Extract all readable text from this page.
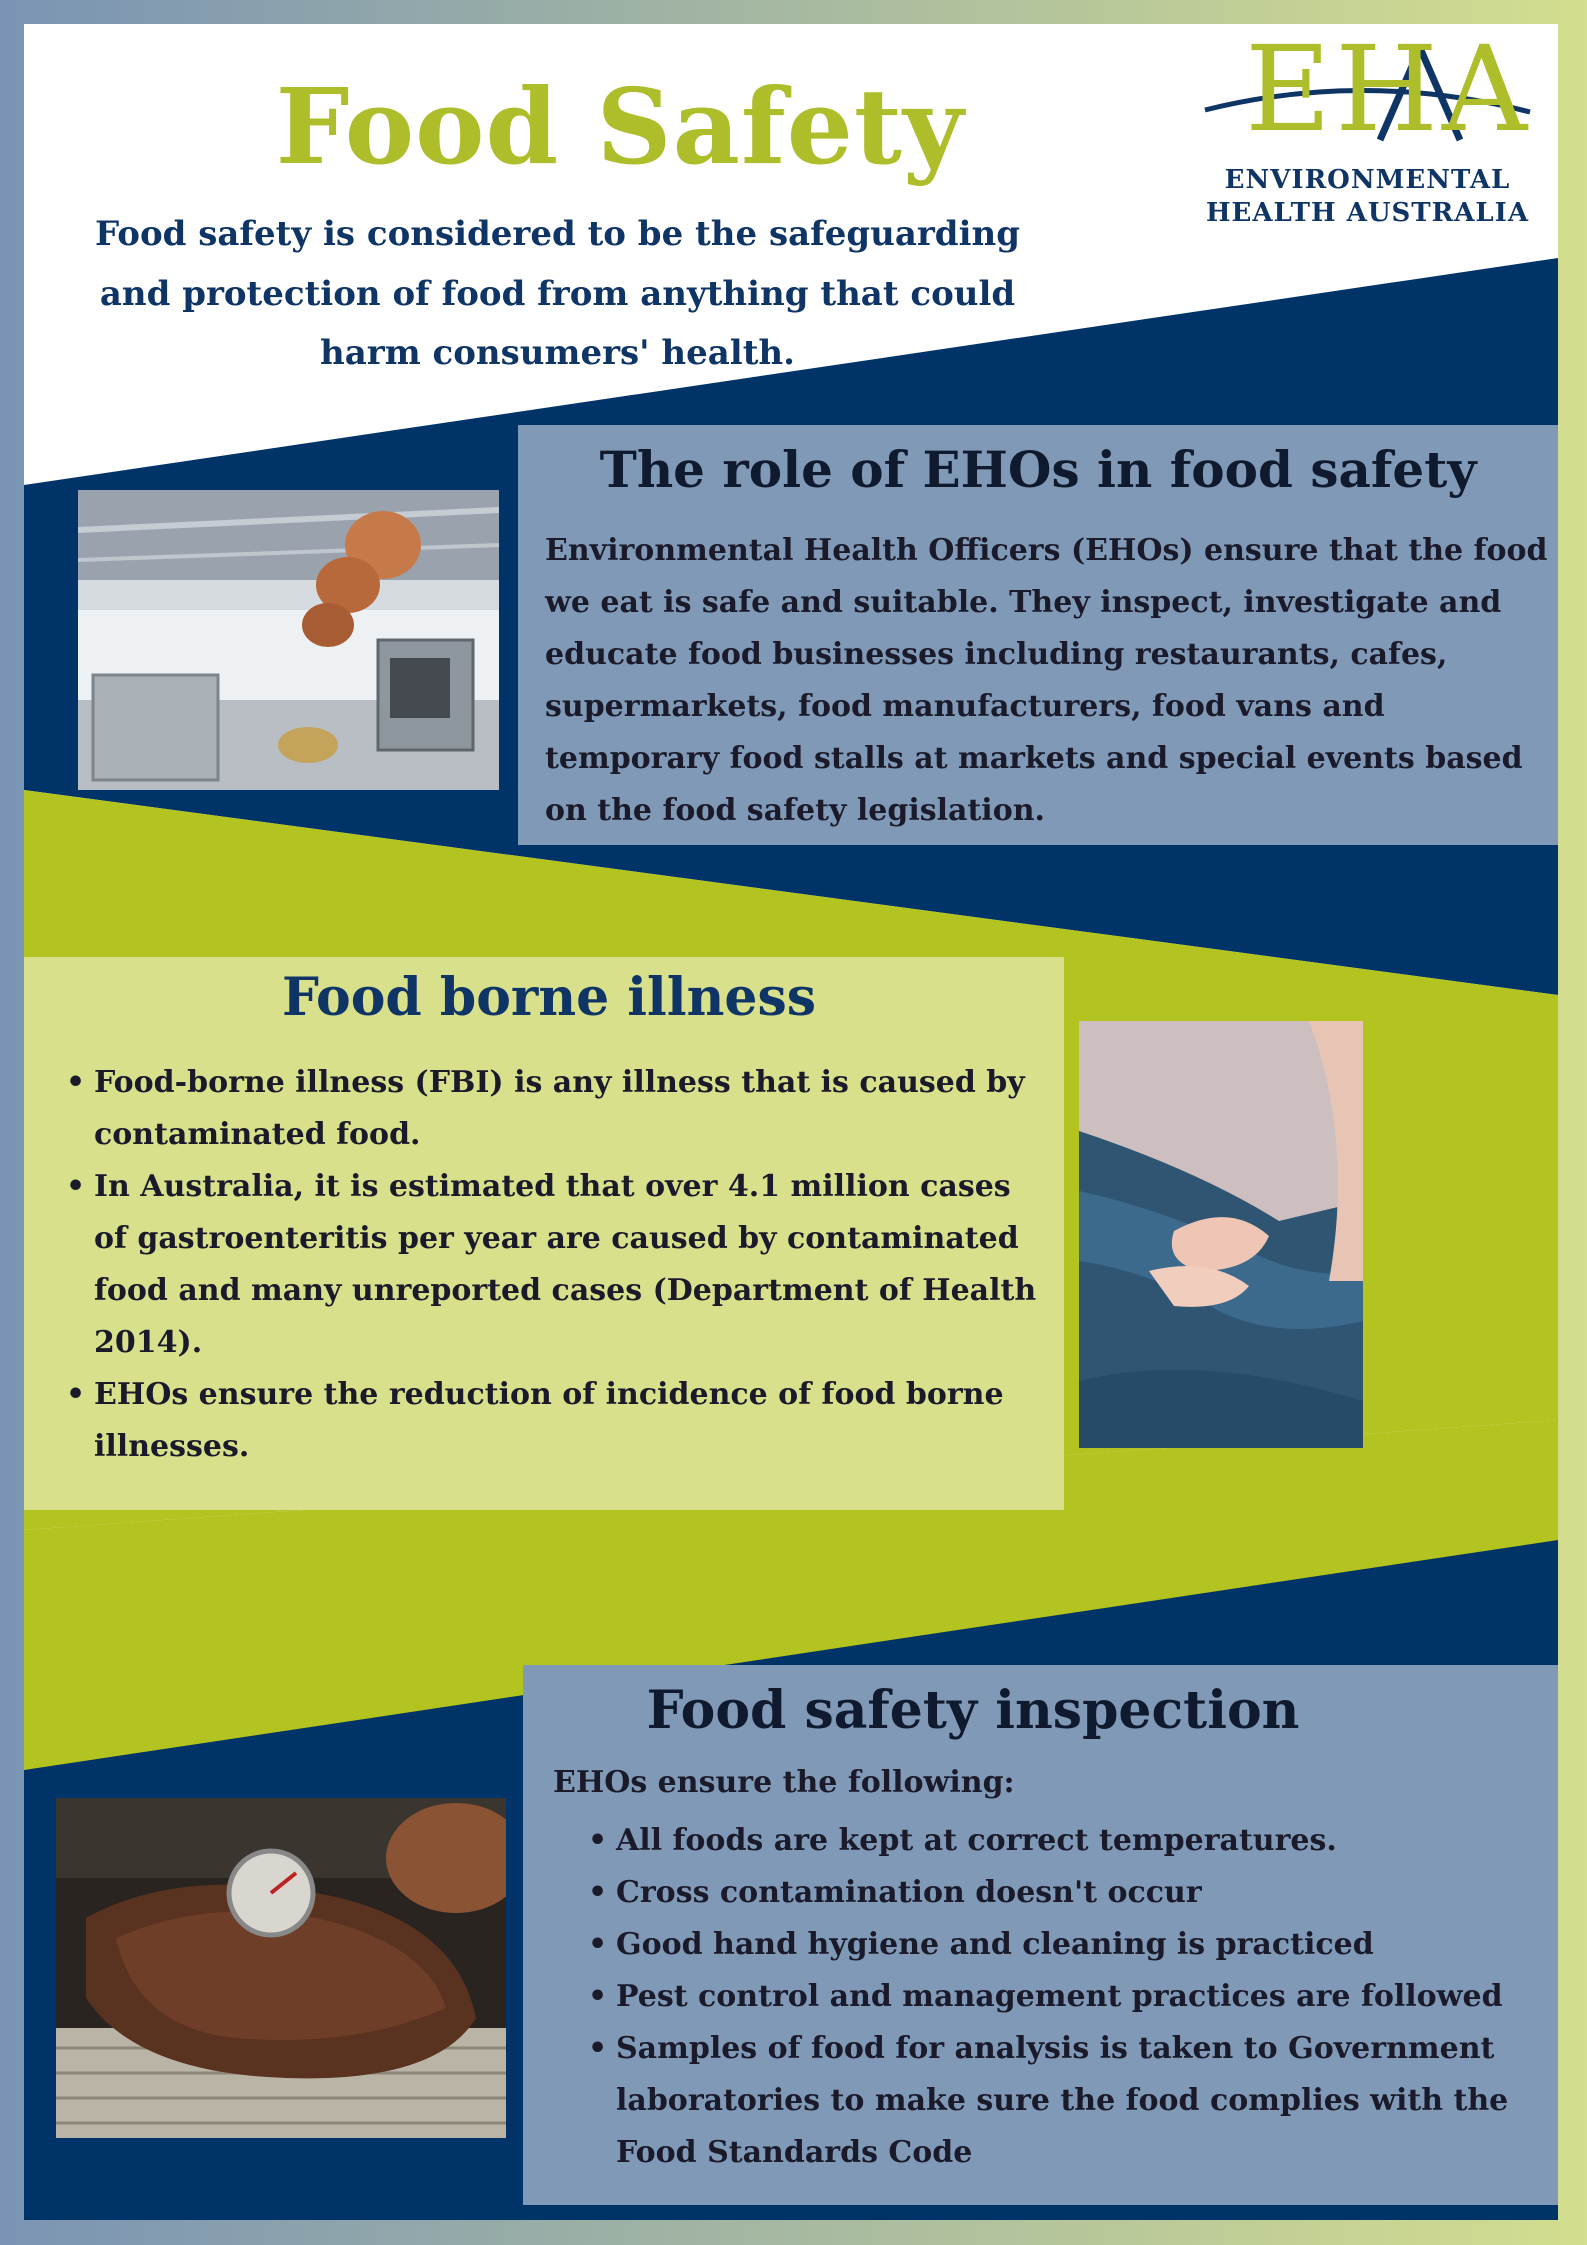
Food Safety
Food safety is considered to be the safeguarding and protection of food from anything that could harm consumers' health.
EHA
ENVIRONMENTAL
HEALTH AUSTRALIA
The role of EHOs in food safety
Environmental Health Officers (EHOs) ensure that the food we eat is safe and suitable. They inspect, investigate and educate food businesses including restaurants, cafes, supermarkets, food manufacturers, food vans and temporary food stalls at markets and special events based on the food safety legislation.
Food borne illness
• Food-borne illness (FBI) is any illness that is caused by contaminated food.
• In Australia, it is estimated that over 4.1 million cases of gastroenteritis per year are caused by contaminated food and many unreported cases (Department of Health 2014).
• EHOs ensure the reduction of incidence of food borne illnesses.
Food safety inspection
EHOs ensure the following:
• All foods are kept at correct temperatures.
• Cross contamination doesn't occur
• Good hand hygiene and cleaning is practiced
• Pest control and management practices are followed
• Samples of food for analysis is taken to Government laboratories to make sure the food complies with the Food Standards Code
